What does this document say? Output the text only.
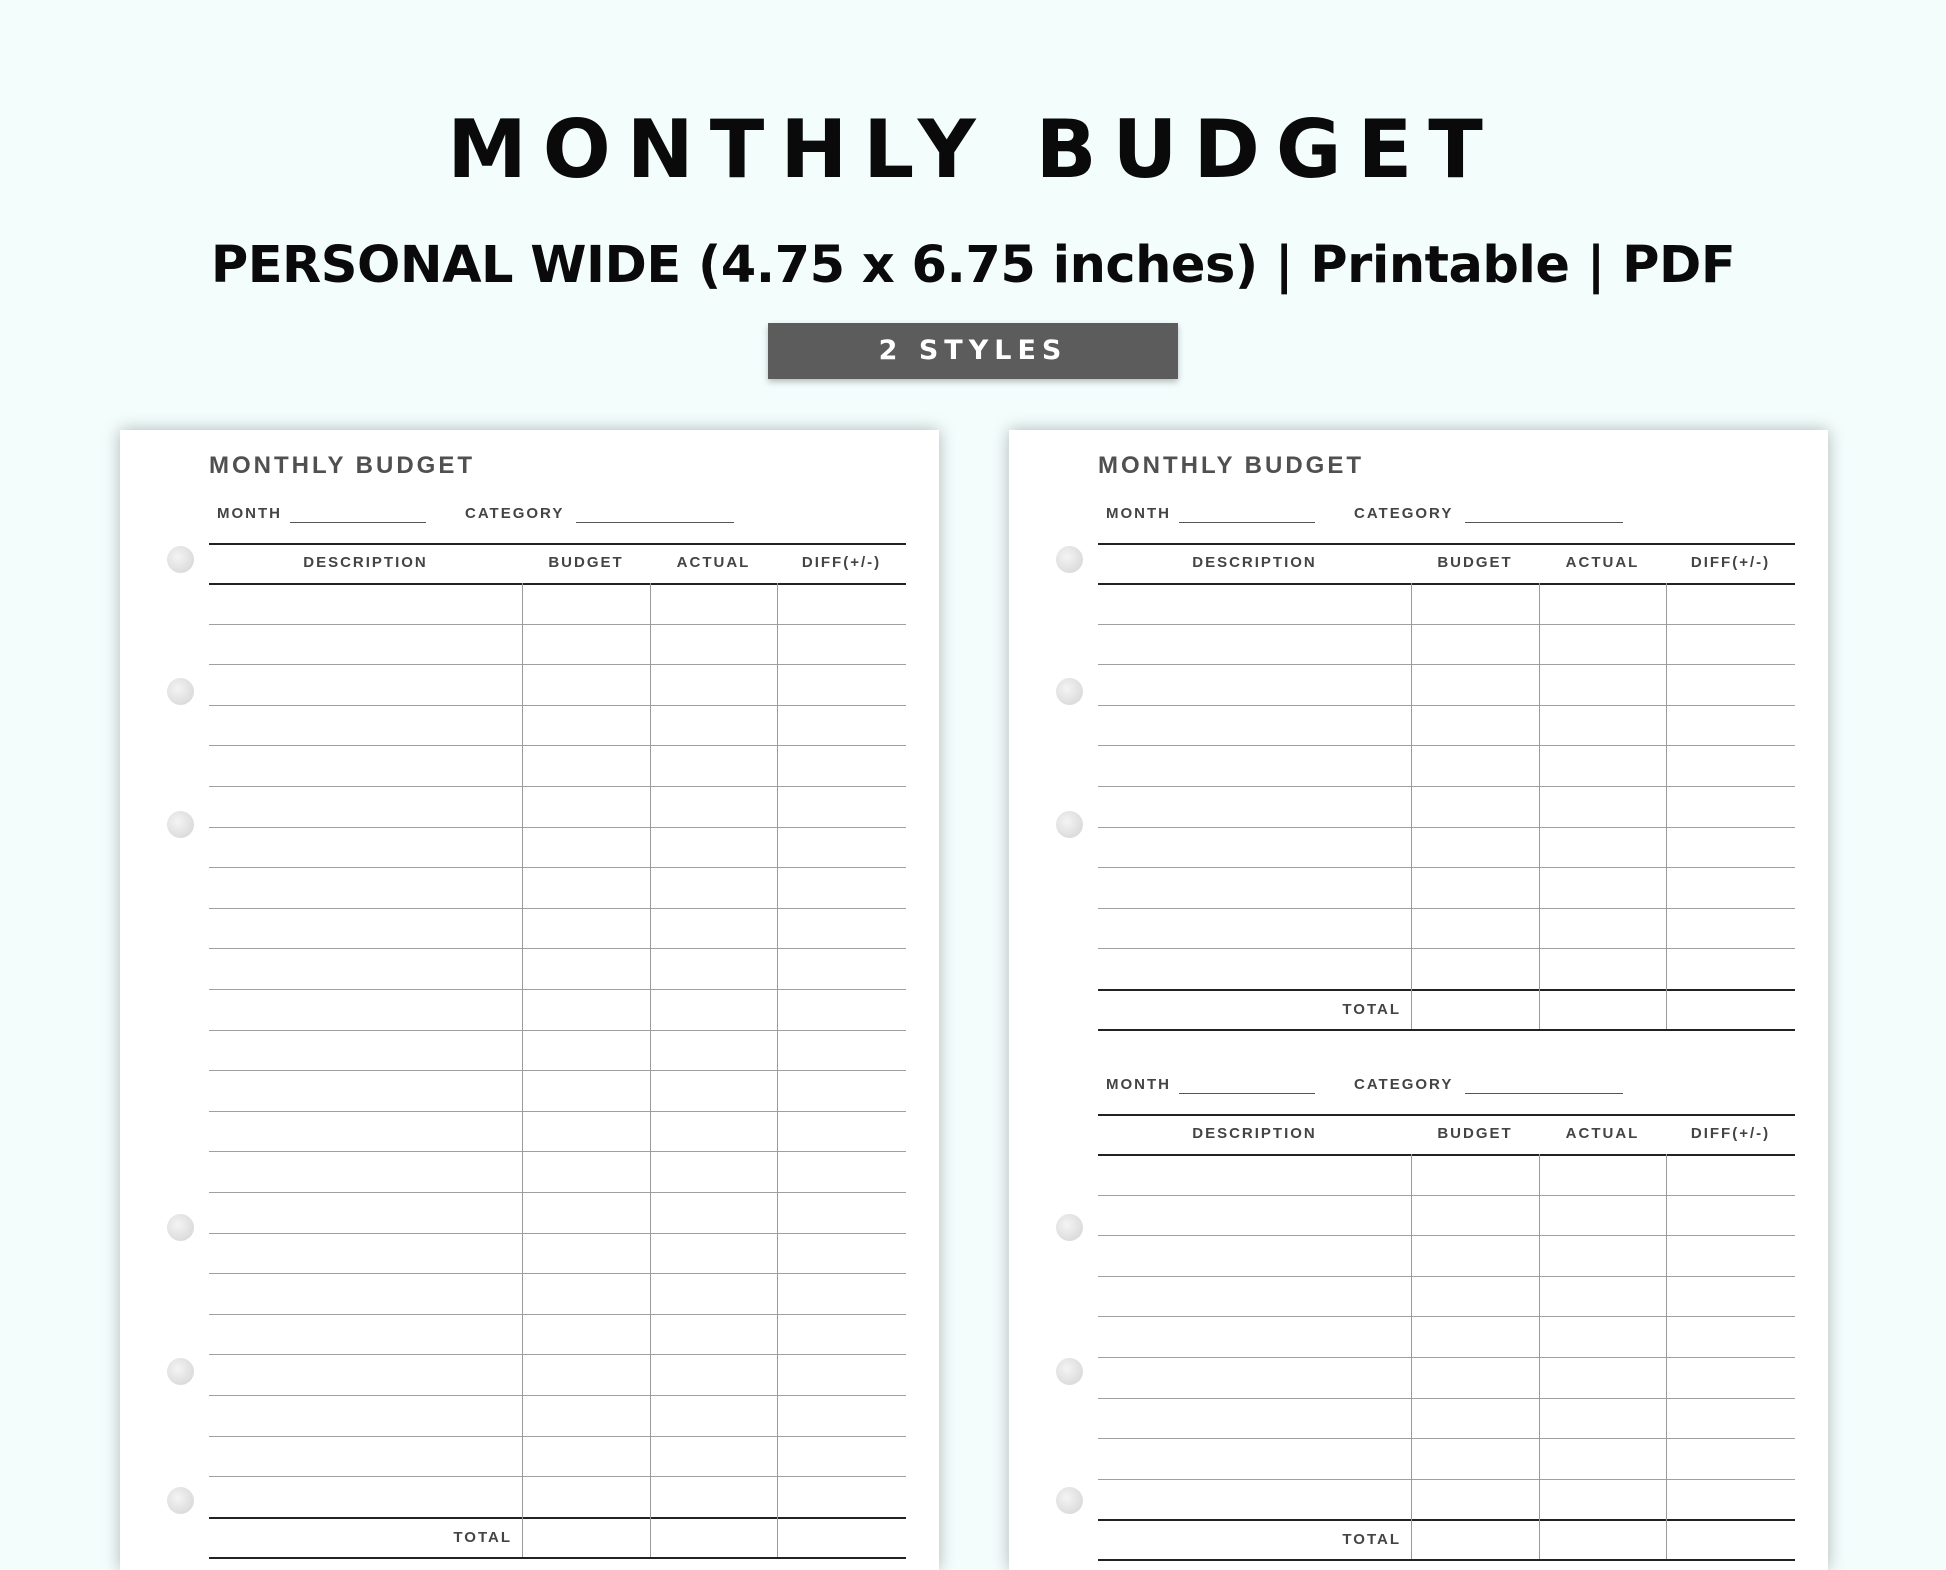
MONTHLY BUDGET
PERSONAL WIDE (4.75 x 6.75 inches) | Printable | PDF
2 STYLES
MONTHLY BUDGET
MONTH	CATEGORY
DESCRIPTION	BUDGET	ACTUAL	DIFF(+/-)
TOTAL
MONTHLY BUDGET
MONTH	CATEGORY
DESCRIPTION	BUDGET	ACTUAL	DIFF(+/-)
TOTAL
MONTH	CATEGORY
DESCRIPTION	BUDGET	ACTUAL	DIFF(+/-)
TOTAL
